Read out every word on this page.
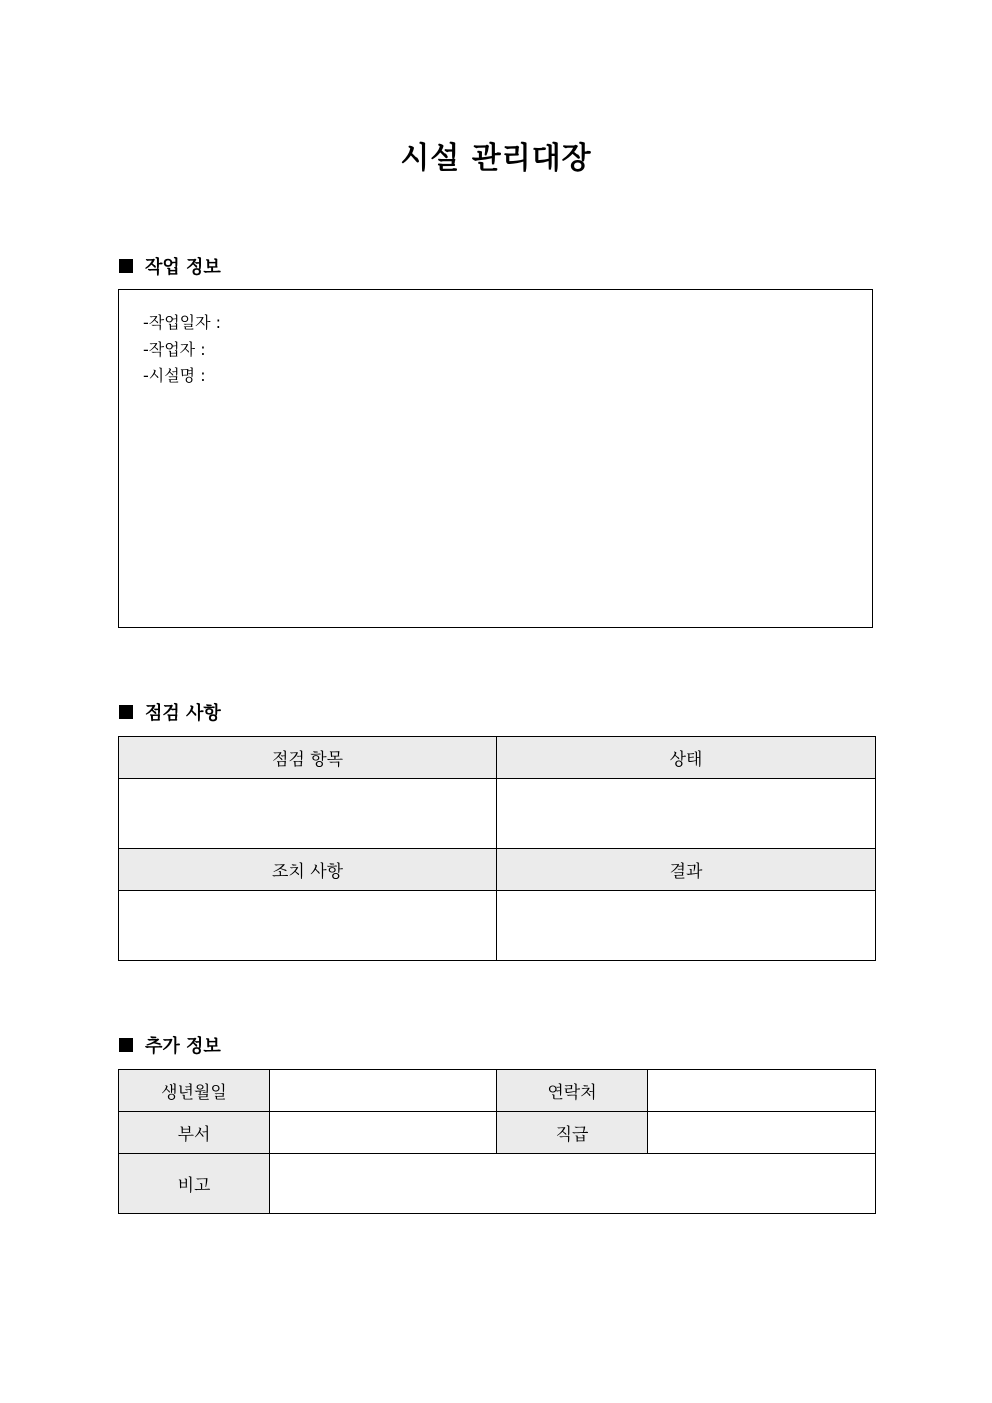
시설 관리대장
작업 정보
-작업일자 :
-작업자 :
-시설명 :
점검 사항
점검 항목	상태

조치 사항	결과

추가 정보
생년월일		연락처	
부서		직급	
비고			
